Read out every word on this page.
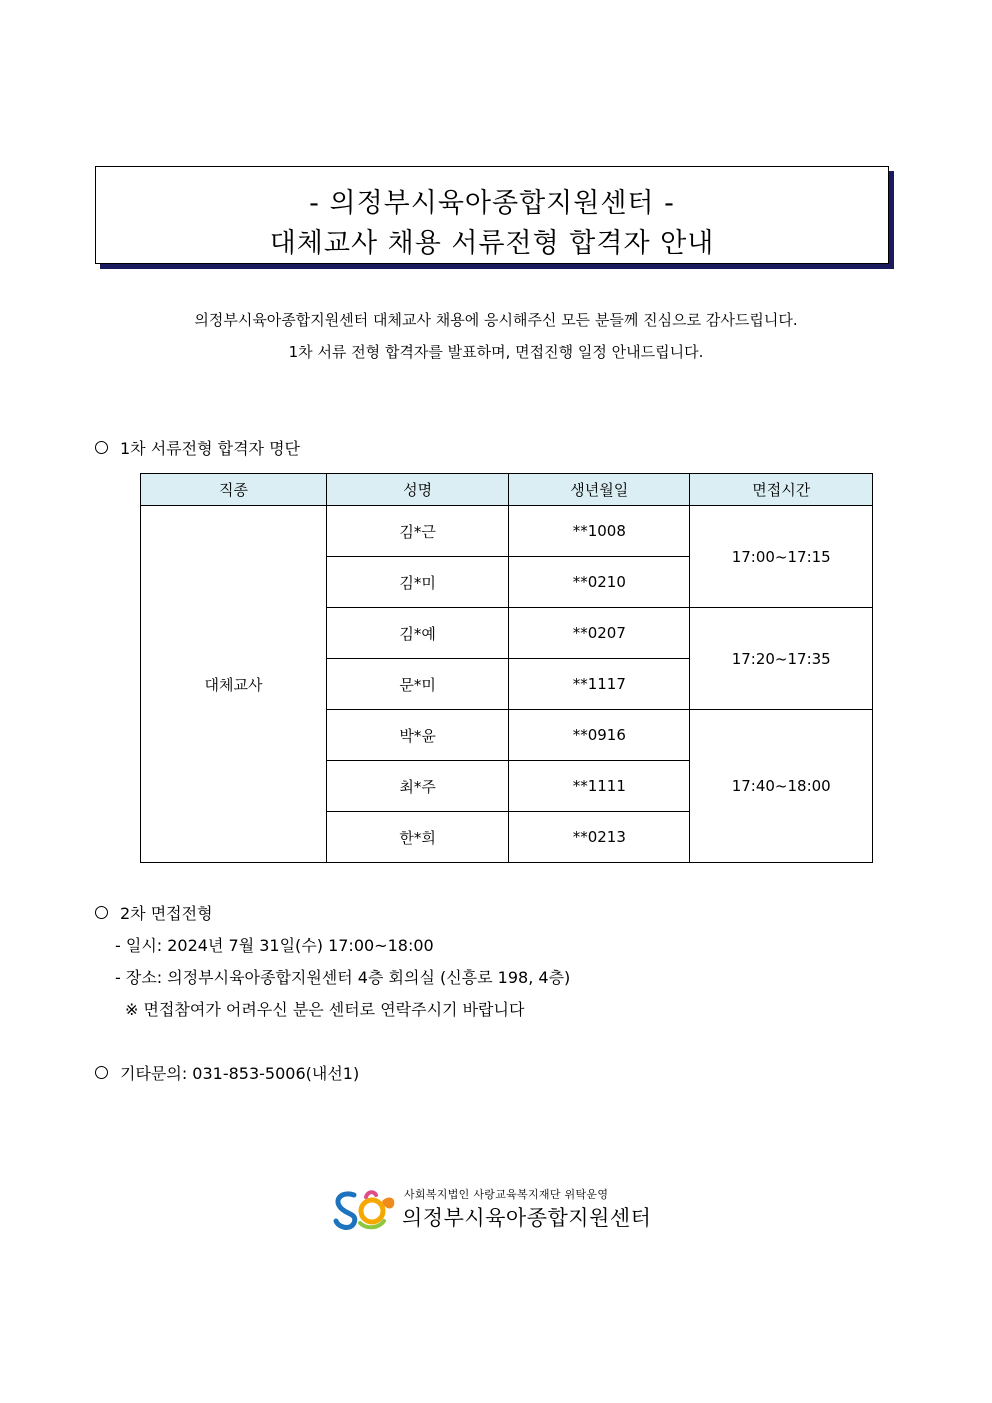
- 의정부시육아종합지원센터 -
대체교사 채용 서류전형 합격자 안내
의정부시육아종합지원센터 대체교사 채용에 응시해주신 모든 분들께 진심으로 감사드립니다.
1차 서류 전형 합격자를 발표하며, 면접진행 일정 안내드립니다.
1차 서류전형 합격자 명단
직종	성명	생년월일	면접시간
대체교사	김*근	**1008	17:00~17:15
	김*미	**0210	
	김*예	**0207	17:20~17:35
	문*미	**1117	
	박*윤	**0916	17:40~18:00
	최*주	**1111	
	한*희	**0213	
2차 면접전형
- 일시: 2024년 7월 31일(수) 17:00~18:00
- 장소: 의정부시육아종합지원센터 4층 회의실 (신흥로 198, 4층)
※ 면접참여가 어려우신 분은 센터로 연락주시기 바랍니다
기타문의: 031-853-5006(내선1)
사회복지법인 사랑교육복지재단 위탁운영
의정부시육아종합지원센터
